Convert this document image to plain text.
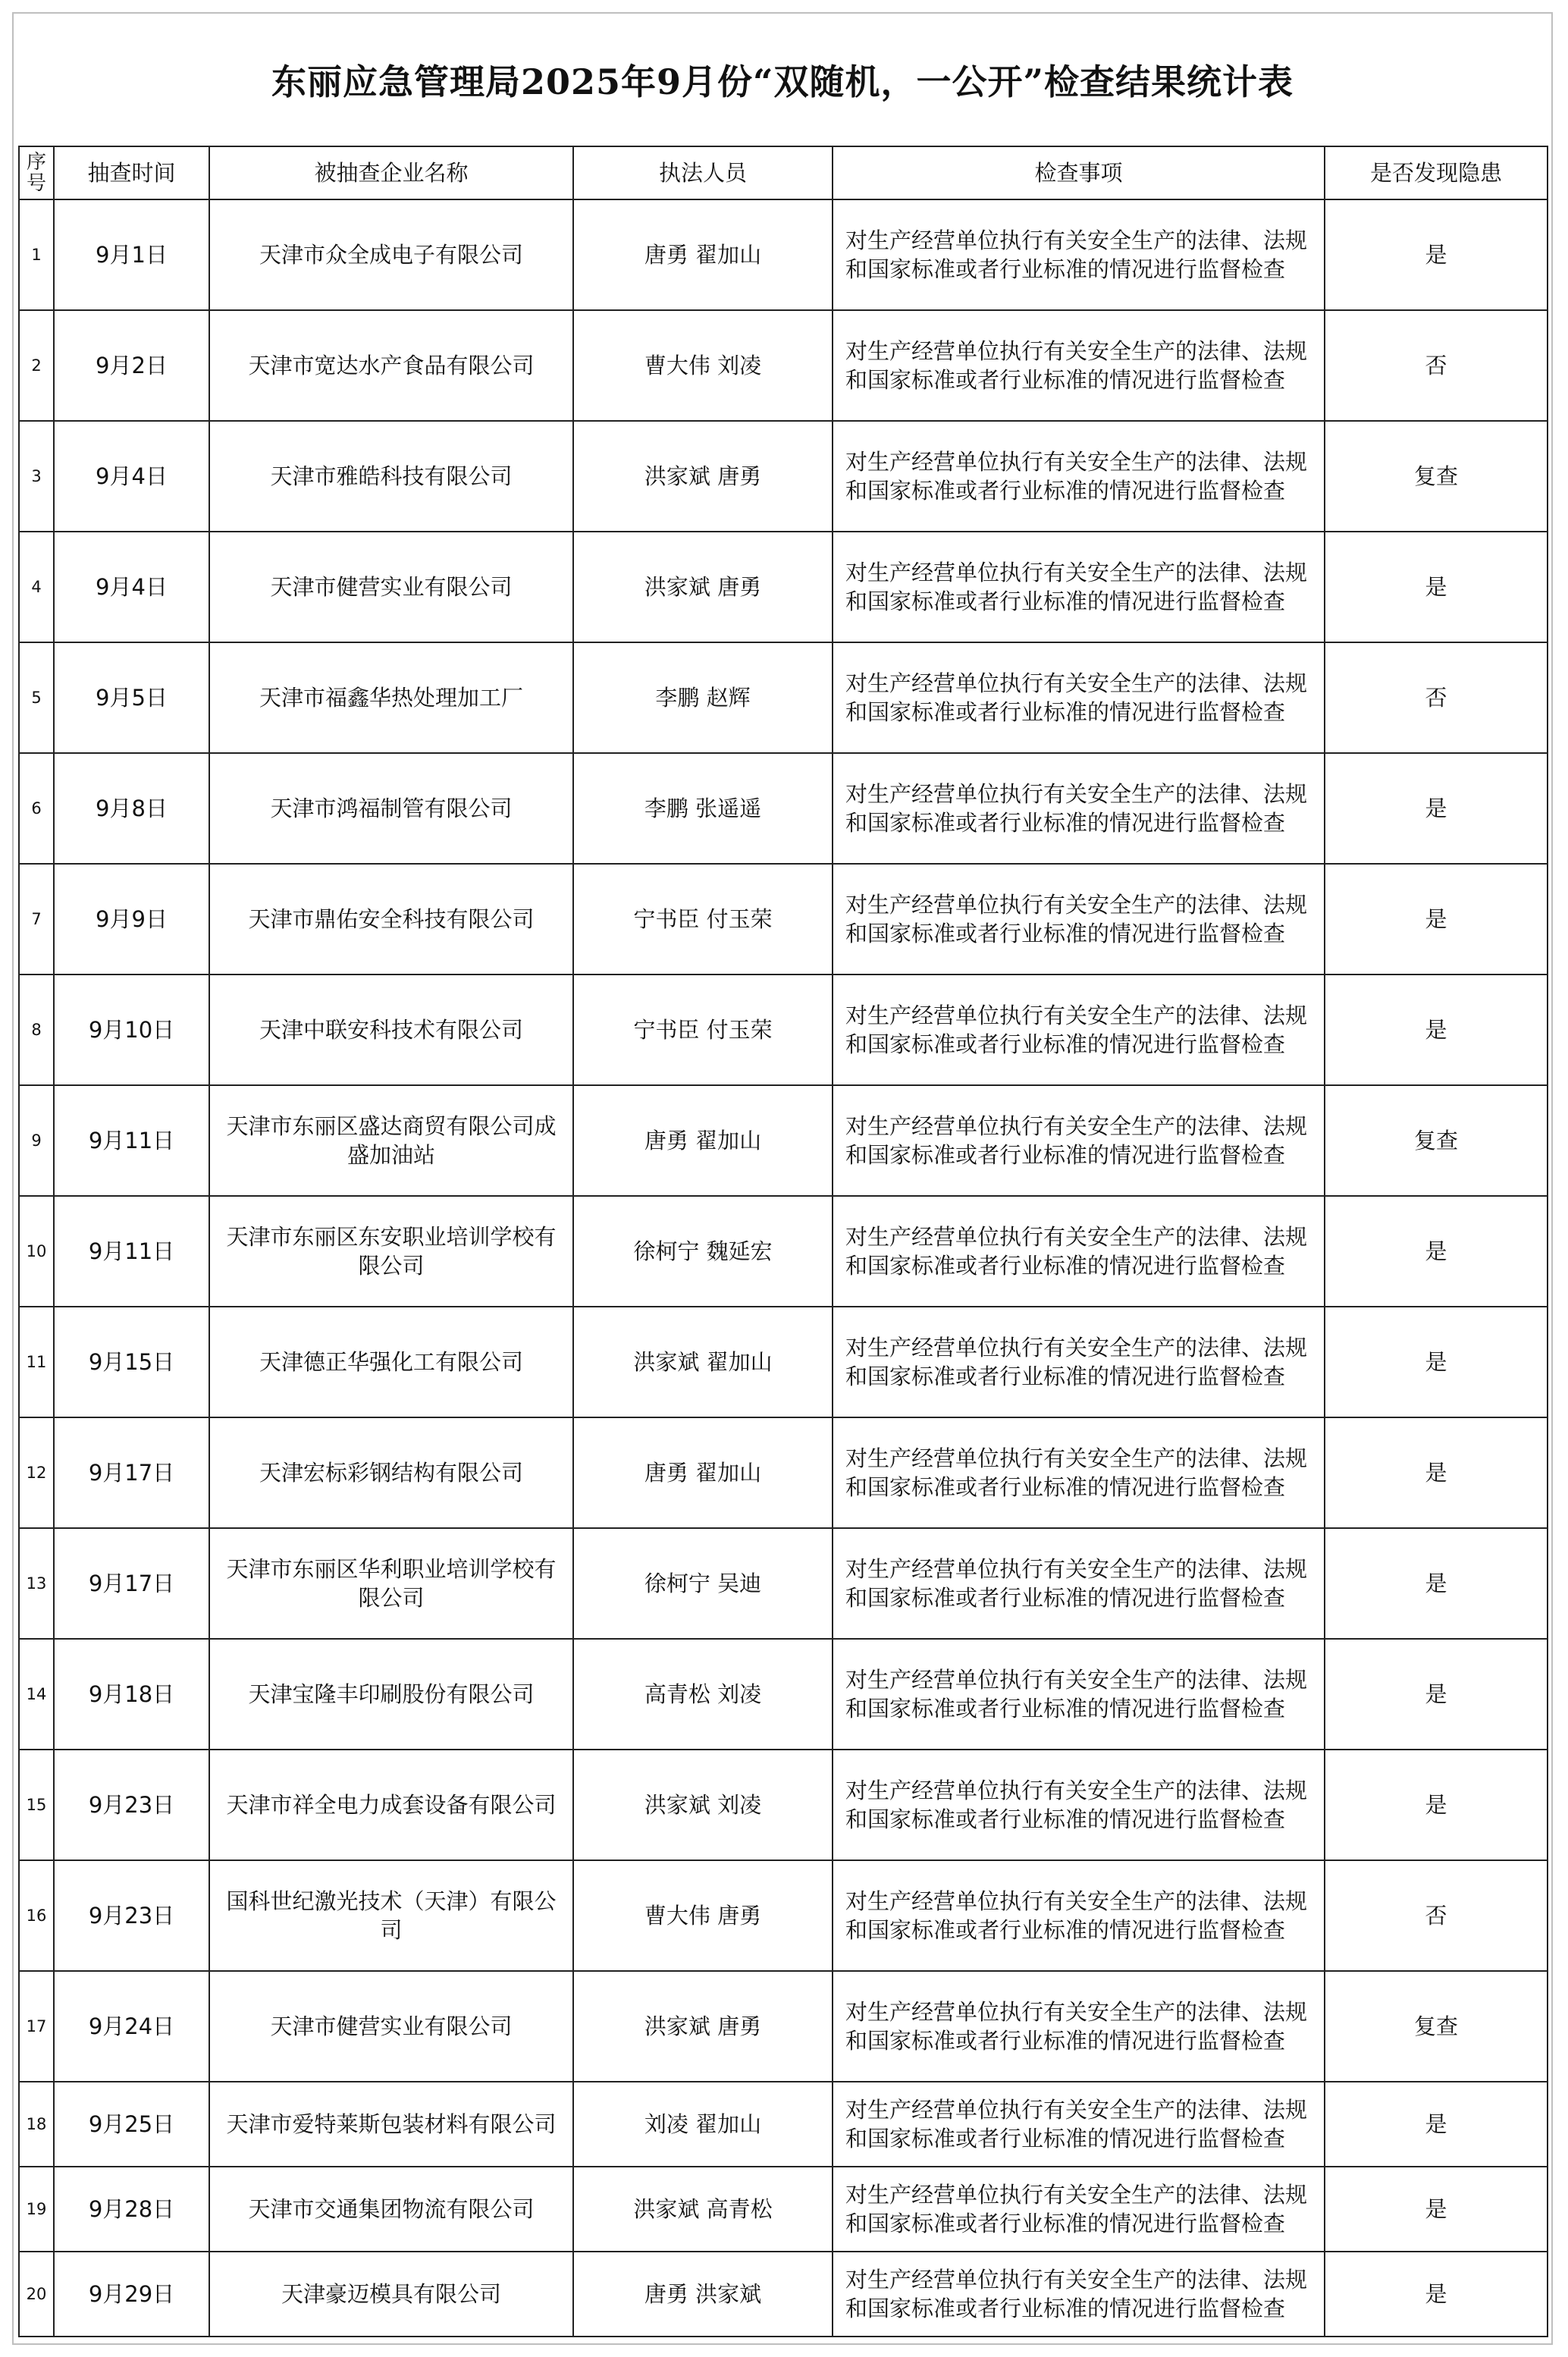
东丽应急管理局2025年9月份“双随机，一公开”检查结果统计表
序号	抽查时间	被抽查企业名称	执法人员	检查事项	是否发现隐患
1	9月1日	天津市众全成电子有限公司	唐勇 翟加山	对生产经营单位执行有关安全生产的法律、法规和国家标准或者行业标准的情况进行监督检查	是
2	9月2日	天津市宽达水产食品有限公司	曹大伟 刘凌	对生产经营单位执行有关安全生产的法律、法规和国家标准或者行业标准的情况进行监督检查	否
3	9月4日	天津市雅皓科技有限公司	洪家斌 唐勇	对生产经营单位执行有关安全生产的法律、法规和国家标准或者行业标准的情况进行监督检查	复查
4	9月4日	天津市健营实业有限公司	洪家斌 唐勇	对生产经营单位执行有关安全生产的法律、法规和国家标准或者行业标准的情况进行监督检查	是
5	9月5日	天津市福鑫华热处理加工厂	李鹏 赵辉	对生产经营单位执行有关安全生产的法律、法规和国家标准或者行业标准的情况进行监督检查	否
6	9月8日	天津市鸿福制管有限公司	李鹏 张遥遥	对生产经营单位执行有关安全生产的法律、法规和国家标准或者行业标准的情况进行监督检查	是
7	9月9日	天津市鼎佑安全科技有限公司	宁书臣 付玉荣	对生产经营单位执行有关安全生产的法律、法规和国家标准或者行业标准的情况进行监督检查	是
8	9月10日	天津中联安科技术有限公司	宁书臣 付玉荣	对生产经营单位执行有关安全生产的法律、法规和国家标准或者行业标准的情况进行监督检查	是
9	9月11日	天津市东丽区盛达商贸有限公司成盛加油站	唐勇 翟加山	对生产经营单位执行有关安全生产的法律、法规和国家标准或者行业标准的情况进行监督检查	复查
10	9月11日	天津市东丽区东安职业培训学校有限公司	徐柯宁 魏延宏	对生产经营单位执行有关安全生产的法律、法规和国家标准或者行业标准的情况进行监督检查	是
11	9月15日	天津德正华强化工有限公司	洪家斌 翟加山	对生产经营单位执行有关安全生产的法律、法规和国家标准或者行业标准的情况进行监督检查	是
12	9月17日	天津宏标彩钢结构有限公司	唐勇 翟加山	对生产经营单位执行有关安全生产的法律、法规和国家标准或者行业标准的情况进行监督检查	是
13	9月17日	天津市东丽区华利职业培训学校有限公司	徐柯宁 吴迪	对生产经营单位执行有关安全生产的法律、法规和国家标准或者行业标准的情况进行监督检查	是
14	9月18日	天津宝隆丰印刷股份有限公司	高青松 刘凌	对生产经营单位执行有关安全生产的法律、法规和国家标准或者行业标准的情况进行监督检查	是
15	9月23日	天津市祥全电力成套设备有限公司	洪家斌 刘凌	对生产经营单位执行有关安全生产的法律、法规和国家标准或者行业标准的情况进行监督检查	是
16	9月23日	国科世纪激光技术（天津）有限公司	曹大伟 唐勇	对生产经营单位执行有关安全生产的法律、法规和国家标准或者行业标准的情况进行监督检查	否
17	9月24日	天津市健营实业有限公司	洪家斌 唐勇	对生产经营单位执行有关安全生产的法律、法规和国家标准或者行业标准的情况进行监督检查	复查
18	9月25日	天津市爱特莱斯包装材料有限公司	刘凌 翟加山	对生产经营单位执行有关安全生产的法律、法规和国家标准或者行业标准的情况进行监督检查	是
19	9月28日	天津市交通集团物流有限公司	洪家斌 高青松	对生产经营单位执行有关安全生产的法律、法规和国家标准或者行业标准的情况进行监督检查	是
20	9月29日	天津豪迈模具有限公司	唐勇 洪家斌	对生产经营单位执行有关安全生产的法律、法规和国家标准或者行业标准的情况进行监督检查	是
